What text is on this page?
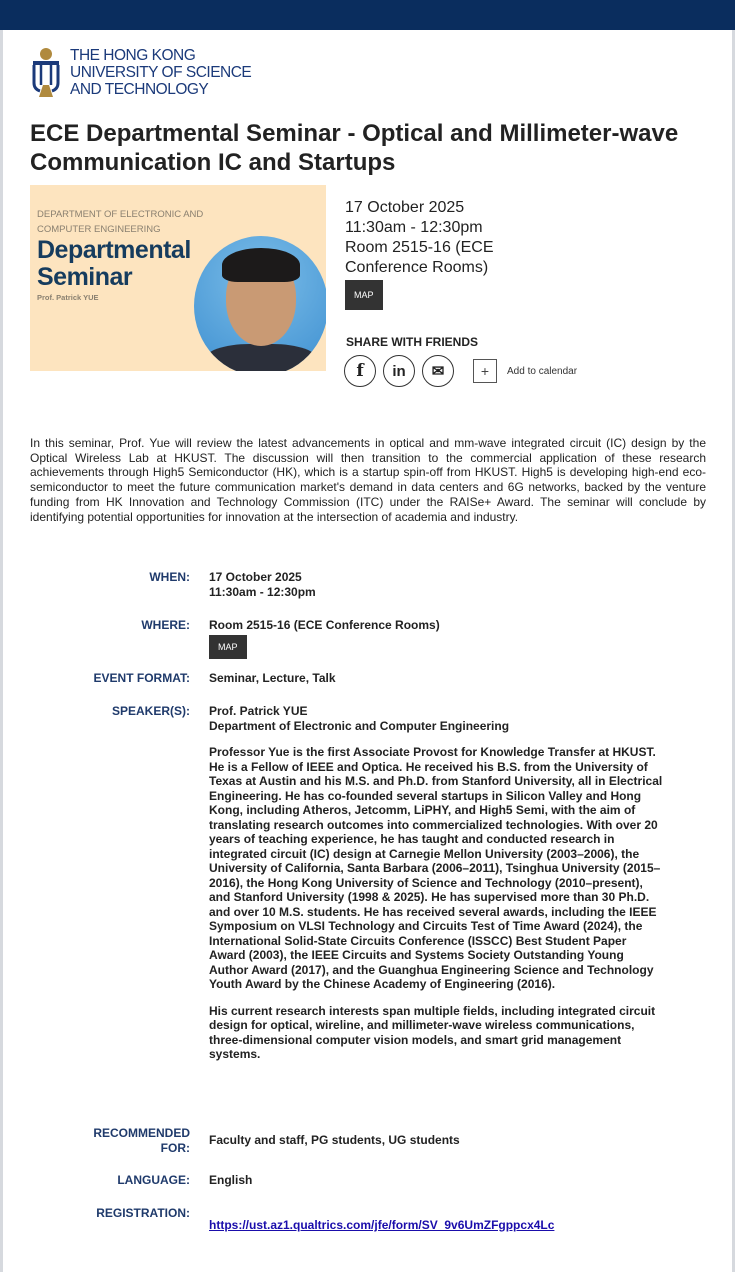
THE HONG KONG
UNIVERSITY OF SCIENCE
AND TECHNOLOGY
ECE Departmental Seminar - Optical and Millimeter-wave Communication IC and Startups
DEPARTMENT OF ELECTRONIC AND
COMPUTER ENGINEERING
Departmental
Seminar
Prof. Patrick YUE
17 October 2025
11:30am - 12:30pm
Room 2515-16 (ECE Conference Rooms)
MAP
SHARE WITH FRIENDS
f	in	✉	+	Add to calendar

In this seminar, Prof. Yue will review the latest advancements in optical and mm-wave integrated circuit (IC) design by the Optical Wireless Lab at HKUST. The discussion will then transition to the commercial application of these research achievements through High5 Semiconductor (HK), which is a startup spin-off from HKUST. High5 is developing high-end eco-semiconductor to meet the future communication market's demand in data centers and 6G networks, backed by the venture funding from HK Innovation and Technology Commission (ITC) under the RAISe+ Award. The seminar will conclude by identifying potential opportunities for innovation at the intersection of academia and industry.

WHEN: 17 October 2025
11:30am - 12:30pm
WHERE: Room 2515-16 (ECE Conference Rooms)
MAP
EVENT FORMAT: Seminar, Lecture, Talk
SPEAKER(S): Prof. Patrick YUE
Department of Electronic and Computer Engineering

Professor Yue is the first Associate Provost for Knowledge Transfer at HKUST. He is a Fellow of IEEE and Optica. He received his B.S. from the University of Texas at Austin and his M.S. and Ph.D. from Stanford University, all in Electrical Engineering. He has co-founded several startups in Silicon Valley and Hong Kong, including Atheros, Jetcomm, LiPHY, and High5 Semi, with the aim of translating research outcomes into commercialized technologies. With over 20 years of teaching experience, he has taught and conducted research in integrated circuit (IC) design at Carnegie Mellon University (2003–2006), the University of California, Santa Barbara (2006–2011), Tsinghua University (2015–2016), the Hong Kong University of Science and Technology (2010–present), and Stanford University (1998 & 2025). He has supervised more than 30 Ph.D. and over 10 M.S. students. He has received several awards, including the IEEE Symposium on VLSI Technology and Circuits Test of Time Award (2024), the International Solid-State Circuits Conference (ISSCC) Best Student Paper Award (2003), the IEEE Circuits and Systems Society Outstanding Young Author Award (2017), and the Guanghua Engineering Science and Technology Youth Award by the Chinese Academy of Engineering (2016).

His current research interests span multiple fields, including integrated circuit design for optical, wireline, and millimeter-wave wireless communications, three-dimensional computer vision models, and smart grid management systems.

RECOMMENDED
FOR:
Faculty and staff, PG students, UG students
LANGUAGE: English
REGISTRATION:
https://ust.az1.qualtrics.com/jfe/form/SV_9v6UmZFgppcx4Lc
